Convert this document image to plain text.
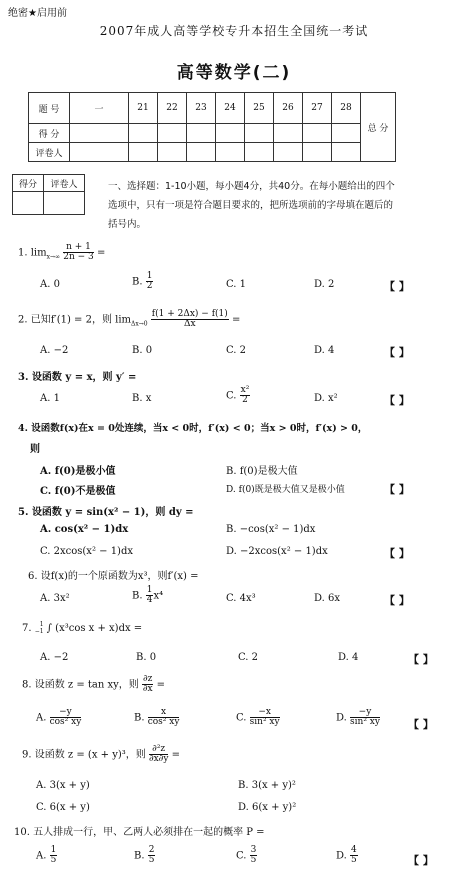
绝密★启用前
2007年成人高等学校专升本招生全国统一考试
高等数学(二)
题 号	一	21	22	23	24	25	26	27	28	总 分
得 分										
评卷人										
得分	评卷人
		一、选择题：1-10小题，每小题4分，共40分。在每小题给出的四个
选项中，只有一项是符合题目要求的，把所选项前的字母填在题后的
括号内。
1. $\lim_{x\to\infty} \frac{n + 1}{2n - 3}$ =
A. 0	B. $\frac{1}{2}$	C. 1	D. 2	【 】
2. 已知f′(1) = 2，则 $\lim_{\Delta x\to 0} \frac{f(1 + 2\Delta x) - f(1)}{\Delta x}$ =
A. −2	B. 0	C. 2	D. 4	【 】
3. 设函数 y = x，则 y′ =
A. 1	B. x	C. $\frac{\text{x²}}{2}$	D. x²	【 】
4. 设函数f(x)在x = 0处连续，当x < 0时，f′(x) < 0；当x > 0时，f′(x) > 0，
则
A. f(0)是极小值	B. f(0)是极大值
C. f(0)不是极值	D. f(0)既是极大值又是极小值	【 】
5. 设函数 y = sin(x² − 1)，则 dy =
A. cos(x² − 1)dx	B. −cos(x² − 1)dx
C. 2xcos(x² − 1)dx	D. −2xcos(x² − 1)dx	【 】
6. 设f(x)的一个原函数为x³，则f′(x) =
A. 3x²	B. $\frac{1}{4} x^4$	C. 4x³	D. 6x	【 】
7.	1
−1 ∫ (x³cos x + x)dx =
A. −2	B. 0	C. 2	D. 4	【 】
8. 设函数 z = tan xy，则 $\frac{\partial z}{\partial x}$ =
A. $\frac{-y}{\text{cos² xy}}$	B. $\frac{x}{\text{cos² xy}}$	C. $\frac{-x}{\text{sin² xy}}$	D. $\frac{-y}{\text{sin² xy}}$	【 】
9. 设函数 z = (x + y)³，则 $\frac{\text{∂²z}}{\partial x\partial y}$ =
A. 3(x + y)	B. 3(x + y)²
C. 6(x + y)	D. 6(x + y)²
10. 五人排成一行，甲、乙两人必须排在一起的概率 P =
A. $\frac{1}{5}$	B. $\frac{2}{5}$	C. $\frac{3}{5}$	D. $\frac{4}{5}$	【 】
